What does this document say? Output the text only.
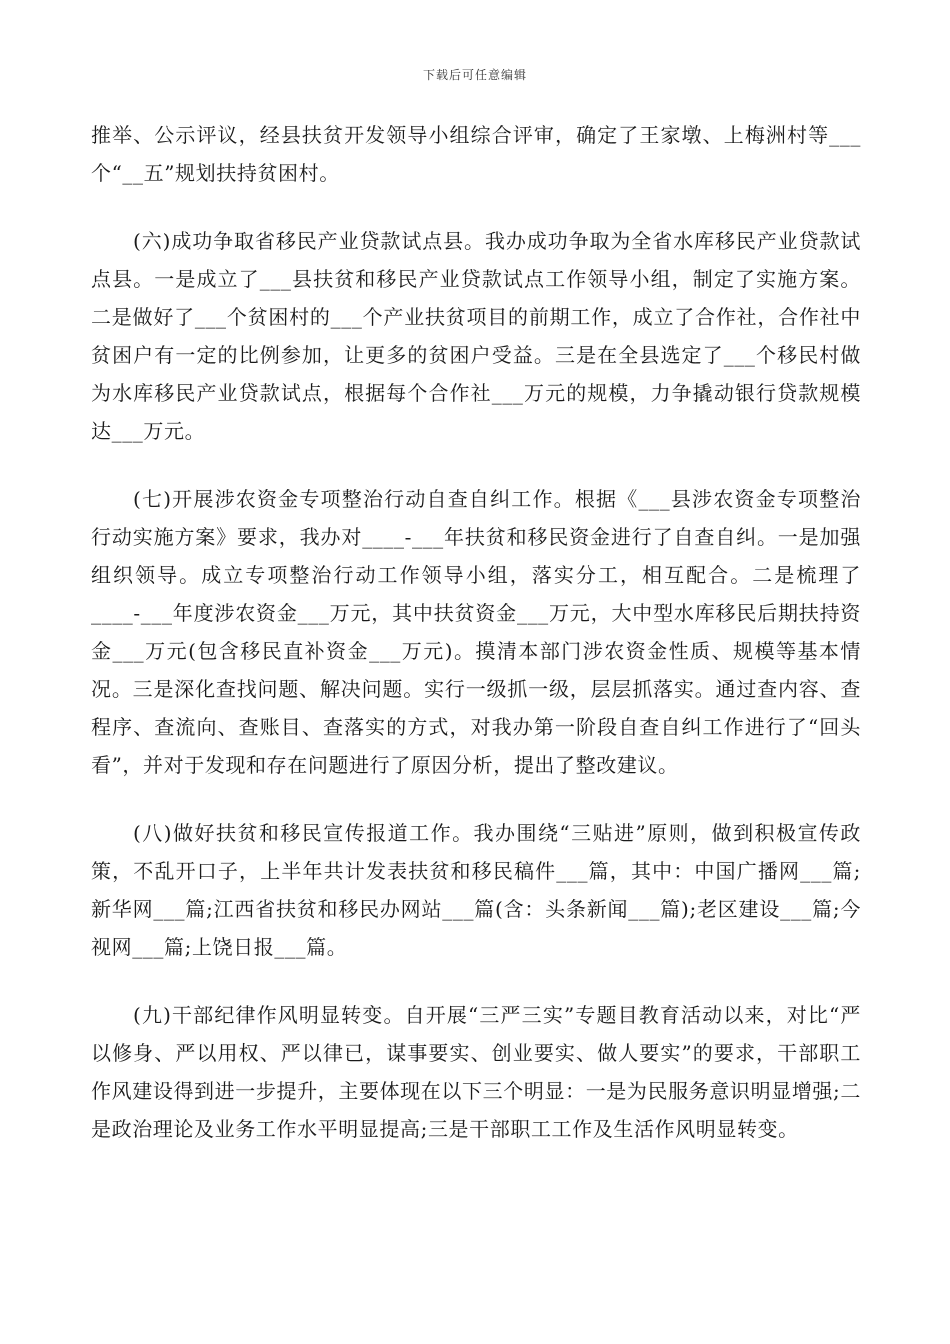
下载后可任意编辑

推举、公示评议，经县扶贫开发领导小组综合评审，确定了王家墩、上梅洲村等___个“__五”规划扶持贫困村。

(六)成功争取省移民产业贷款试点县。我办成功争取为全省水库移民产业贷款试点县。一是成立了___县扶贫和移民产业贷款试点工作领导小组，制定了实施方案。二是做好了___个贫困村的___个产业扶贫项目的前期工作，成立了合作社，合作社中贫困户有一定的比例参加，让更多的贫困户受益。三是在全县选定了___个移民村做为水库移民产业贷款试点，根据每个合作社___万元的规模，力争撬动银行贷款规模达___万元。

(七)开展涉农资金专项整治行动自查自纠工作。根据《___县涉农资金专项整治行动实施方案》要求，我办对____-___年扶贫和移民资金进行了自查自纠。一是加强组织领导。成立专项整治行动工作领导小组，落实分工，相互配合。二是梳理了____-___年度涉农资金___万元，其中扶贫资金___万元，大中型水库移民后期扶持资金___万元(包含移民直补资金___万元)。摸清本部门涉农资金性质、规模等基本情况。三是深化查找问题、解决问题。实行一级抓一级，层层抓落实。通过查内容、查程序、查流向、查账目、查落实的方式，对我办第一阶段自查自纠工作进行了“回头看”，并对于发现和存在问题进行了原因分析，提出了整改建议。

(八)做好扶贫和移民宣传报道工作。我办围绕“三贴进”原则，做到积极宣传政策，不乱开口子，上半年共计发表扶贫和移民稿件___篇，其中：中国广播网___篇;新华网___篇;江西省扶贫和移民办网站___篇(含：头条新闻___篇);老区建设___篇;今视网___篇;上饶日报___篇。

(九)干部纪律作风明显转变。自开展“三严三实”专题目教育活动以来，对比“严以修身、严以用权、严以律已，谋事要实、创业要实、做人要实”的要求，干部职工作风建设得到进一步提升，主要体现在以下三个明显：一是为民服务意识明显增强;二是政治理论及业务工作水平明显提高;三是干部职工工作及生活作风明显转变。
